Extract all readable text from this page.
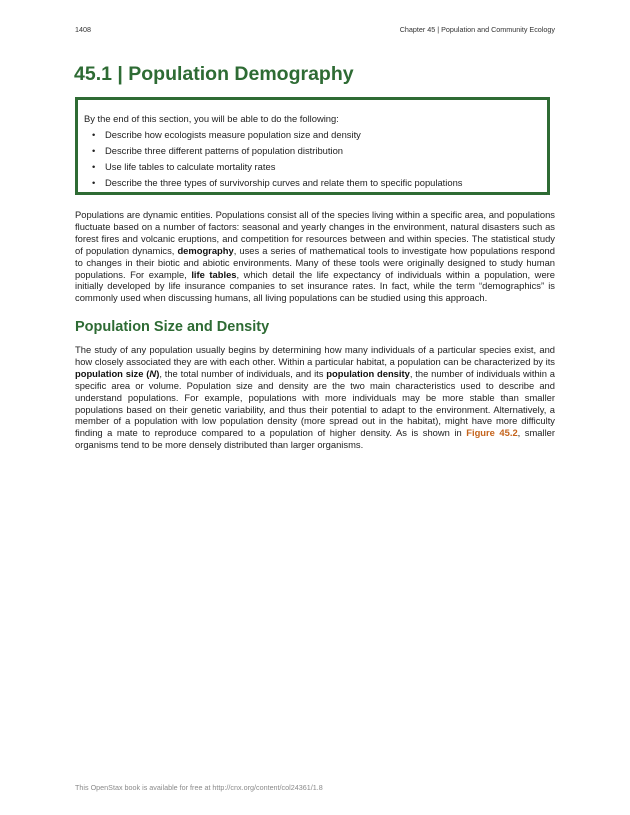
1408	Chapter 45 | Population and Community Ecology
45.1 | Population Demography

By the end of this section, you will be able to do the following:

• Describe how ecologists measure population size and density
• Describe three different patterns of population distribution
• Use life tables to calculate mortality rates
• Describe the three types of survivorship curves and relate them to specific populations

Populations are dynamic entities. Populations consist all of the species living within a specific area, and populations fluctuate based on a number of factors: seasonal and yearly changes in the environment, natural disasters such as forest fires and volcanic eruptions, and competition for resources between and within species. The statistical study of population dynamics, demography, uses a series of mathematical tools to investigate how populations respond to changes in their biotic and abiotic environments. Many of these tools were originally designed to study human populations. For example, life tables, which detail the life expectancy of individuals within a population, were initially developed by life insurance companies to set insurance rates. In fact, while the term “demographics” is commonly used when discussing humans, all living populations can be studied using this approach.

Population Size and Density

The study of any population usually begins by determining how many individuals of a particular species exist, and how closely associated they are with each other. Within a particular habitat, a population can be characterized by its population size (N), the total number of individuals, and its population density, the number of individuals within a specific area or volume. Population size and density are the two main characteristics used to describe and understand populations. For example, populations with more individuals may be more stable than smaller populations based on their genetic variability, and thus their potential to adapt to the environment. Alternatively, a member of a population with low population density (more spread out in the habitat), might have more difficulty finding a mate to reproduce compared to a population of higher density. As is shown in Figure 45.2, smaller organisms tend to be more densely distributed than larger organisms.

This OpenStax book is available for free at http://cnx.org/content/col24361/1.8
